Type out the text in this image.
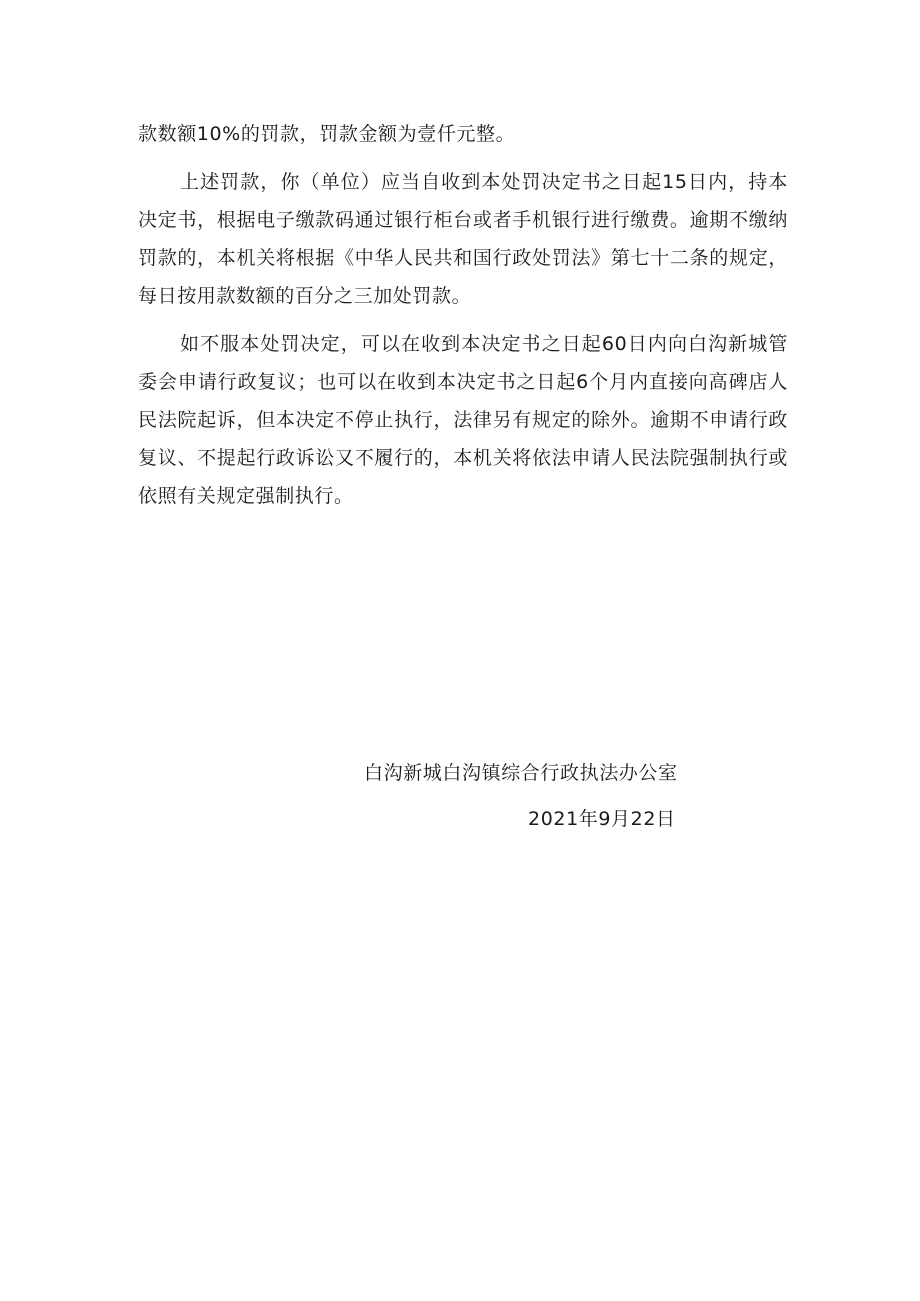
款数额10%的罚款，罚款金额为壹仟元整。

上述罚款，你（单位）应当自收到本处罚决定书之日起15日内，持本决定书，根据电子缴款码通过银行柜台或者手机银行进行缴费。逾期不缴纳罚款的，本机关将根据《中华人民共和国行政处罚法》第七十二条的规定，每日按用款数额的百分之三加处罚款。

如不服本处罚决定，可以在收到本决定书之日起60日内向白沟新城管委会申请行政复议；也可以在收到本决定书之日起6个月内直接向高碑店人民法院起诉，但本决定不停止执行，法律另有规定的除外。逾期不申请行政复议、不提起行政诉讼又不履行的，本机关将依法申请人民法院强制执行或依照有关规定强制执行。

白沟新城白沟镇综合行政执法办公室
2021年9月22日
